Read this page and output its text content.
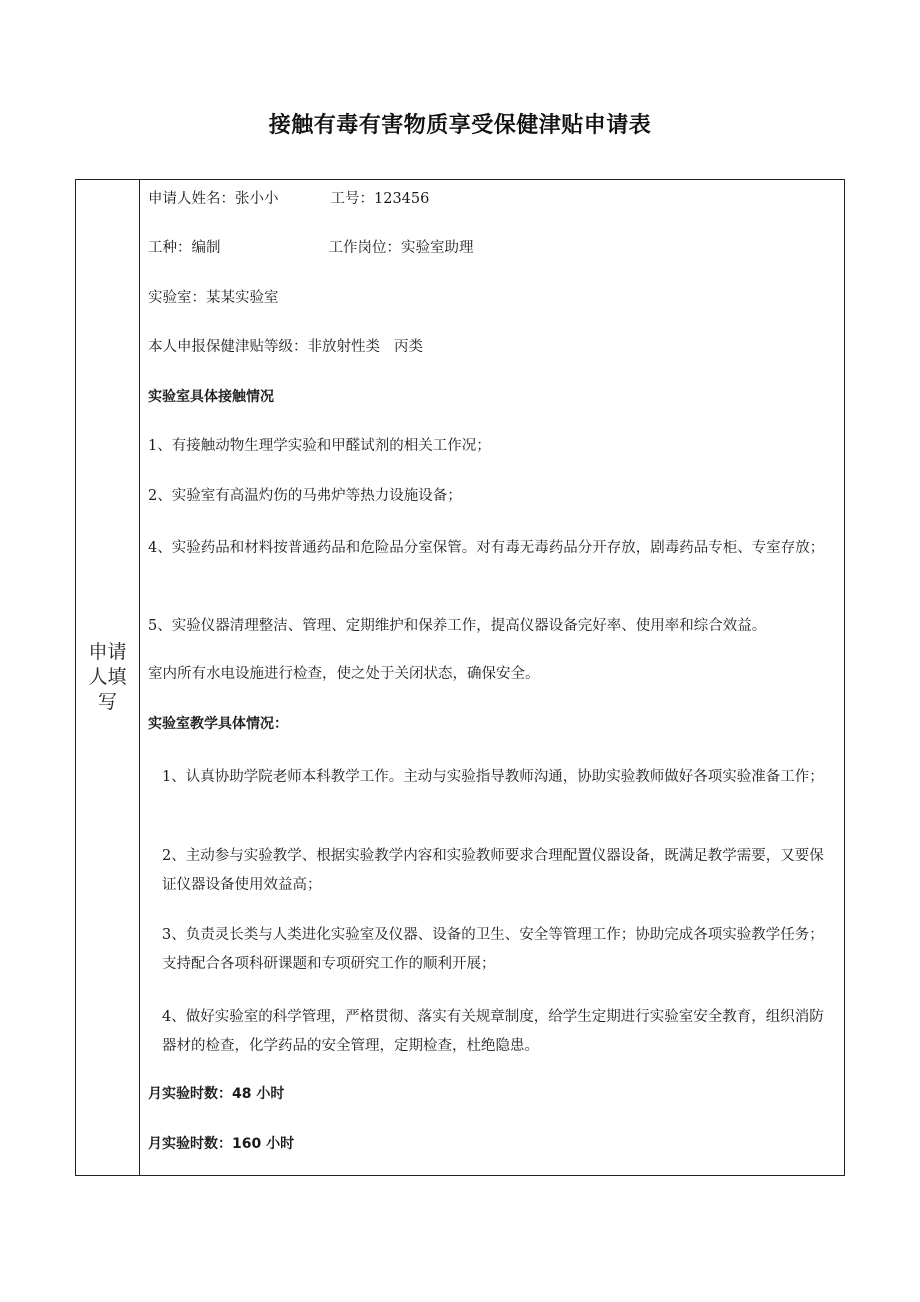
接触有毒有害物质享受保健津贴申请表
申请人填写
申请人姓名：张小小	工号：123456
工种：编制	工作岗位：实验室助理
实验室：某某实验室
本人申报保健津贴等级：非放射性类 丙类
实验室具体接触情况
1、有接触动物生理学实验和甲醛试剂的相关工作况；
2、实验室有高温灼伤的马弗炉等热力设施设备；
4、实验药品和材料按普通药品和危险品分室保管。对有毒无毒药品分开存放，剧毒药品专柜、专室存放；
5、实验仪器清理整洁、管理、定期维护和保养工作，提高仪器设备完好率、使用率和综合效益。
室内所有水电设施进行检查，使之处于关闭状态，确保安全。
实验室教学具体情况：
1、认真协助学院老师本科教学工作。主动与实验指导教师沟通，协助实验教师做好各项实验准备工作；
2、主动参与实验教学、根据实验教学内容和实验教师要求合理配置仪器设备，既满足教学需要，又要保证仪器设备使用效益高；
3、负责灵长类与人类进化实验室及仪器、设备的卫生、安全等管理工作；协助完成各项实验教学任务；支持配合各项科研课题和专项研究工作的顺利开展；
4、做好实验室的科学管理，严格贯彻、落实有关规章制度，给学生定期进行实验室安全教育，组织消防器材的检查，化学药品的安全管理，定期检查，杜绝隐患。
月实验时数：48 小时
月实验时数：160 小时
